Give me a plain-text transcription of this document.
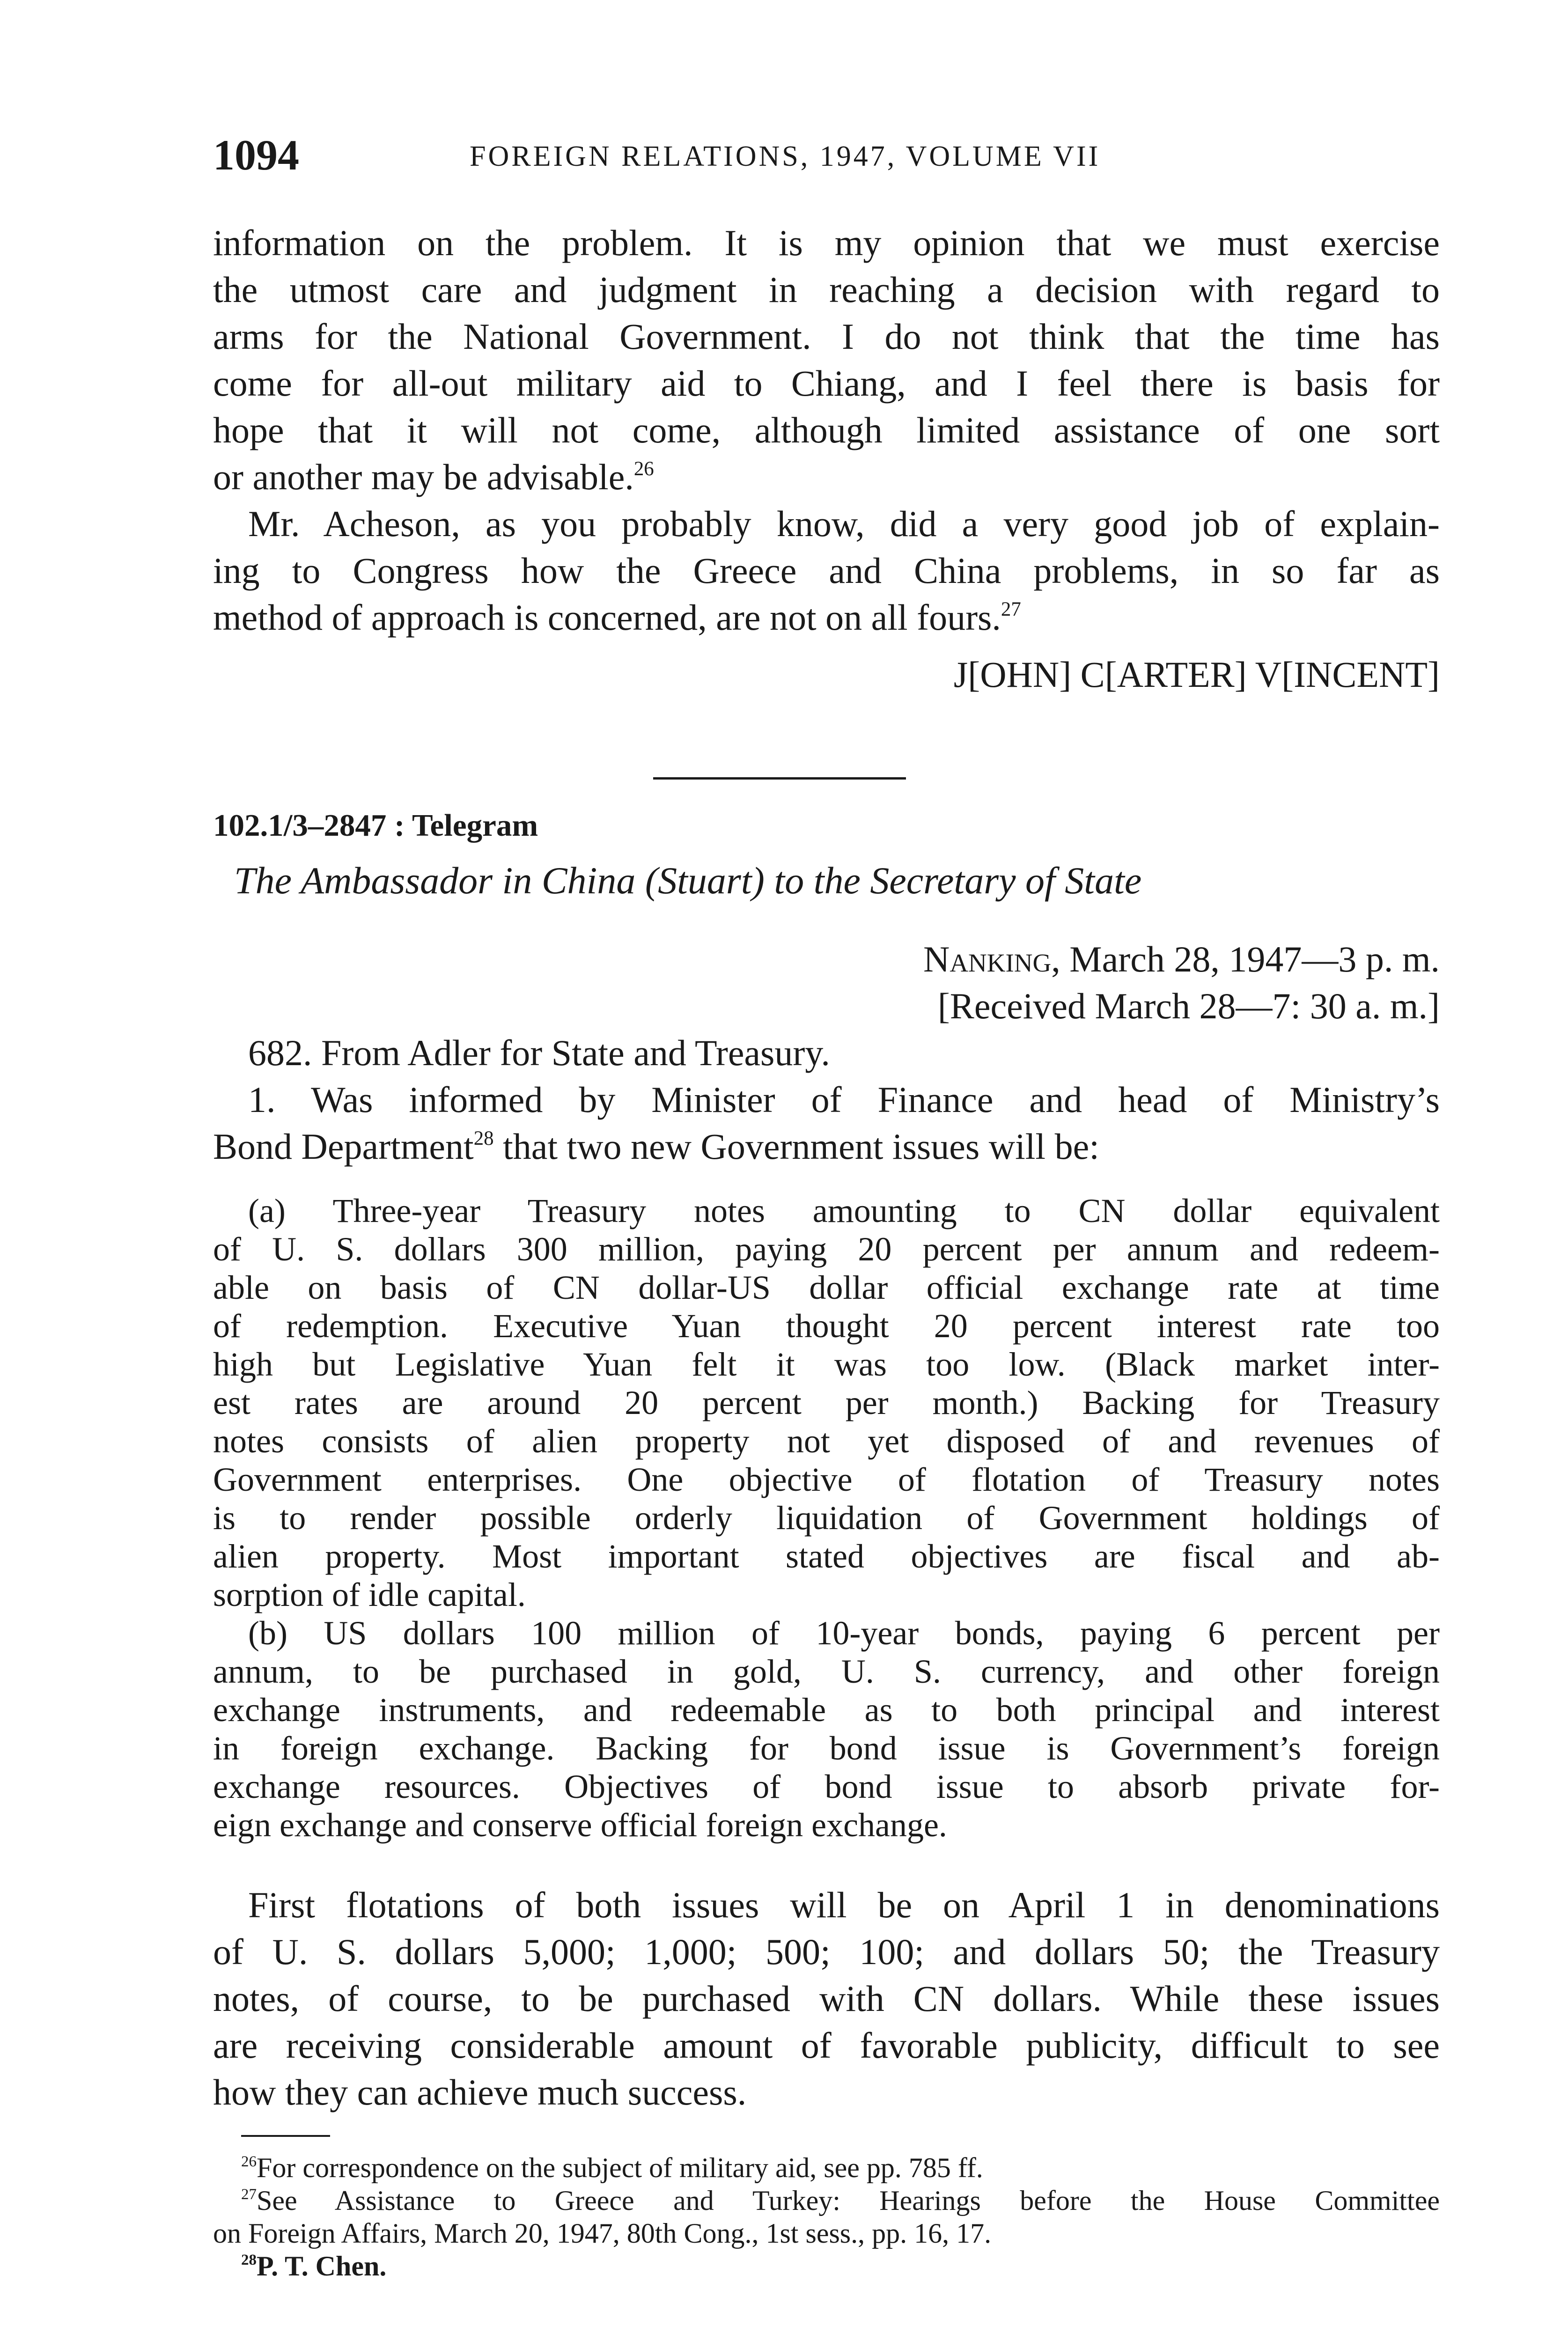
1094	FOREIGN RELATIONS, 1947, VOLUME VII
information on the problem. It is my opinion that we must exercise
the utmost care and judgment in reaching a decision with regard to
arms for the National Government. I do not think that the time has
come for all-out military aid to Chiang, and I feel there is basis for
hope that it will not come, although limited assistance of one sort
or another may be advisable.$^{26}$
Mr. Acheson, as you probably know, did a very good job of explain-
ing to Congress how the Greece and China problems, in so far as
method of approach is concerned, are not on all fours.$^{27}$
J[OHN] C[ARTER] V[INCENT]
102.1/3–2847 : Telegram
The Ambassador in China (Stuart) to the Secretary of State
Nanking, March 28, 1947—3 p. m.
[Received March 28—7: 30 a. m.]
682. From Adler for State and Treasury.
1. Was informed by Minister of Finance and head of Ministry’s
Bond Department$^{28}$ that two new Government issues will be:
(a) Three-year Treasury notes amounting to CN dollar equivalent
of U. S. dollars 300 million, paying 20 percent per annum and redeem-
able on basis of CN dollar-US dollar official exchange rate at time
of redemption. Executive Yuan thought 20 percent interest rate too
high but Legislative Yuan felt it was too low. (Black market inter-
est rates are around 20 percent per month.) Backing for Treasury
notes consists of alien property not yet disposed of and revenues of
Government enterprises. One objective of flotation of Treasury notes
is to render possible orderly liquidation of Government holdings of
alien property. Most important stated objectives are fiscal and ab-
sorption of idle capital.
(b) US dollars 100 million of 10-year bonds, paying 6 percent per
annum, to be purchased in gold, U. S. currency, and other foreign
exchange instruments, and redeemable as to both principal and interest
in foreign exchange. Backing for bond issue is Government’s foreign
exchange resources. Objectives of bond issue to absorb private for-
eign exchange and conserve official foreign exchange.
First flotations of both issues will be on April 1 in denominations
of U. S. dollars 5,000; 1,000; 500; 100; and dollars 50; the Treasury
notes, of course, to be purchased with CN dollars. While these issues
are receiving considerable amount of favorable publicity, difficult to see
how they can achieve much success.
$^{26}$For correspondence on the subject of military aid, see pp. 785 ff.
$^{27}$See Assistance to Greece and Turkey: Hearings before the House Committee
on Foreign Affairs, March 20, 1947, 80th Cong., 1st sess., pp. 16, 17.
$^{28}$P. T. Chen.
